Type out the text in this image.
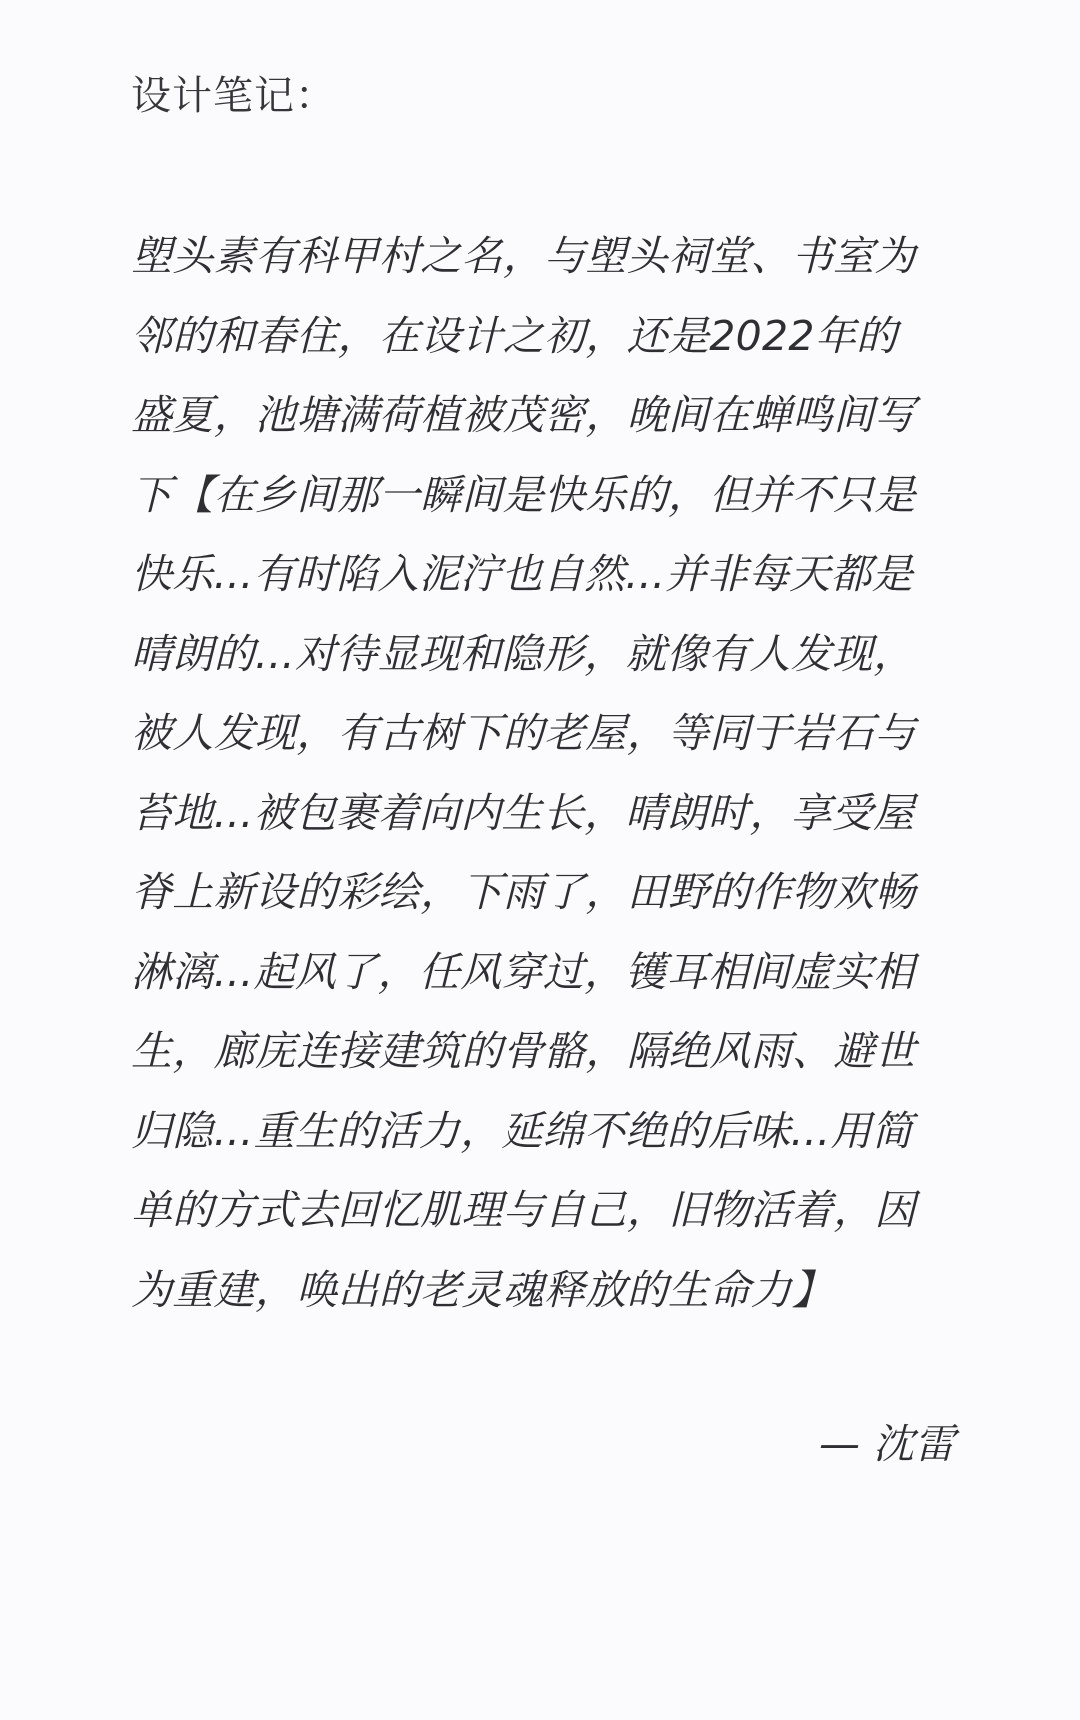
设计笔记：
塱头素有科甲村之名，与塱头祠堂、书室为
邻的和春住，在设计之初，还是2022年的
盛夏，池塘满荷植被茂密，晚间在蝉鸣间写
下【在乡间那一瞬间是快乐的，但并不只是
快乐...有时陷入泥泞也自然...并非每天都是
晴朗的...对待显现和隐形，就像有人发现，
被人发现，有古树下的老屋，等同于岩石与
苔地...被包裹着向内生长，晴朗时，享受屋
脊上新设的彩绘，下雨了，田野的作物欢畅
淋漓...起风了，任风穿过，镬耳相间虚实相
生，廊庑连接建筑的骨骼，隔绝风雨、避世
归隐...重生的活力，延绵不绝的后味...用简
单的方式去回忆肌理与自己，旧物活着，因
为重建，唤出的老灵魂释放的生命力】
— 沈雷
